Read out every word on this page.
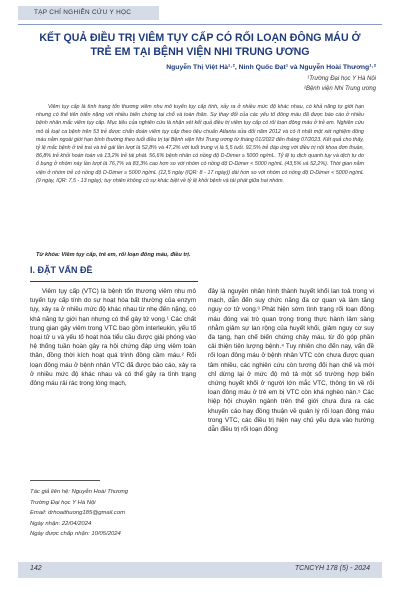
TẠP CHÍ NGHIÊN CỨU Y HỌC
KẾT QUẢ ĐIỀU TRỊ VIÊM TỤY CẤP CÓ RỐI LOẠN ĐÔNG MÁU Ở TRẺ EM TẠI BỆNH VIỆN NHI TRUNG ƯƠNG
Nguyễn Thị Việt Hà¹·², Ninh Quốc Đạt¹ và Nguyễn Hoài Thương¹·²
¹Trường Đại học Y Hà Nội
²Bệnh viện Nhi Trung ương
Viêm tụy cấp là tình trạng tổn thương viêm nhu mô tuyến tụy cấp tính, xảy ra ở nhiều mức độ khác nhau, có khả năng tự giới hạn nhưng có thể tiến triển nặng với nhiều biến chứng tại chỗ và toàn thân. Sự thay đổi của các yếu tố đông máu đã được báo cáo ở nhiều bệnh nhân mắc viêm tụy cấp. Mục tiêu của nghiên cứu là nhận xét kết quả điều trị viêm tụy cấp có rối loạn đông máu ở trẻ em. Nghiên cứu mô tả loạt ca bệnh trên 53 trẻ được chẩn đoán viêm tụy cấp theo tiêu chuẩn Atlanta sửa đổi năm 2012 và có ít nhất một xét nghiệm đông máu nằm ngoài giới hạn bình thường theo tuổi điều trị tại Bệnh viện Nhi Trung ương từ tháng 01/2022 đến tháng 07/2023. Kết quả cho thấy, tỷ lệ mắc bệnh ở trẻ trai và trẻ gái lần lượt là 52,8% và 47,2% với tuổi trung vị là 5,5 tuổi. 92,5% trẻ đáp ứng với điều trị nội khoa đơn thuần, 86,8% trẻ khỏi hoàn toàn và 13,2% trẻ tái phát. 56,6% bệnh nhân có nồng độ D-Dimer ≥ 5000 ng/mL. Tỷ lệ tụ dịch quanh tụy và dịch tự do ổ bụng ở nhóm này lần lượt là 76,7% và 83,3% cao hơn so với nhóm có nồng độ D-Dimer < 5000 ng/mL (43,5% và 52,2%). Thời gian nằm viện ở nhóm trẻ có nồng độ D-Dimer ≥ 5000 ng/mL (12,5 ngày (IQR: 8 - 17 ngày)) dài hơn so với nhóm có nồng độ D-Dimer < 5000 ng/mL (9 ngày, IQR: 7,5 - 13 ngày); tuy nhiên không có sự khác biệt về tỷ lệ khỏi bệnh và tái phát giữa hai nhóm.
Từ khóa: Viêm tụy cấp, trẻ em, rối loạn đông máu, điều trị.
I. ĐẶT VẤN ĐỀ
Viêm tụy cấp (VTC) là bệnh tổn thương viêm nhu mô tuyến tụy cấp tính do sự hoạt hóa bất thường của enzym tụy, xảy ra ở nhiều mức độ khác nhau từ nhẹ đến nặng, có khả năng tự giới hạn nhưng có thể gây tử vong.¹ Các chất trung gian gây viêm trong VTC bao gồm interleukin, yếu tố hoại tử u và yếu tố hoạt hóa tiểu cầu được giải phóng vào hệ thống tuần hoàn gây ra hội chứng đáp ứng viêm toàn thân, đồng thời kích hoạt quá trình đông cầm máu.² Rối loạn đông máu ở bệnh nhân VTC đã được báo cáo, xảy ra ở nhiều mức độ khác nhau và có thể gây ra tình trạng đông máu rải rác trong lòng mạch,
đây là nguyên nhân hình thành huyết khối lan toả trong vi mạch, dẫn đến suy chức năng đa cơ quan và làm tăng nguy cơ tử vong.³ Phát hiện sớm tình trạng rối loạn đông máu đóng vai trò quan trọng trong thực hành lâm sàng nhằm giảm sự lan rộng của huyết khối, giảm nguy cơ suy đa tạng, hạn chế biến chứng chảy máu, từ đó góp phần cải thiện tiên lượng bệnh.⁴ Tuy nhiên cho đến nay, vấn đề rối loạn đông máu ở bệnh nhân VTC còn chưa được quan tâm nhiều, các nghiên cứu còn tương đối hạn chế và mới chỉ dừng lại ở mức độ mô tả một số trường hợp biến chứng huyết khối ở người lớn mắc VTC, thông tin về rối loạn đông máu ở trẻ em bị VTC còn khá nghèo nàn.⁵ Các hiệp hội chuyên ngành trên thế giới chưa đưa ra các khuyến cáo hay đồng thuận về quản lý rối loạn đông máu trong VTC, các điều trị hiện nay chủ yếu dựa vào hướng dẫn điều trị rối loạn đông
Tác giả liên hệ: Nguyễn Hoài Thương
Trường Đại học Y Hà Nội
Email: drhoaithuong185@gmail.com
Ngày nhận: 22/04/2024
Ngày được chấp nhận: 10/05/2024
142	TCNCYH 178 (5) - 2024
